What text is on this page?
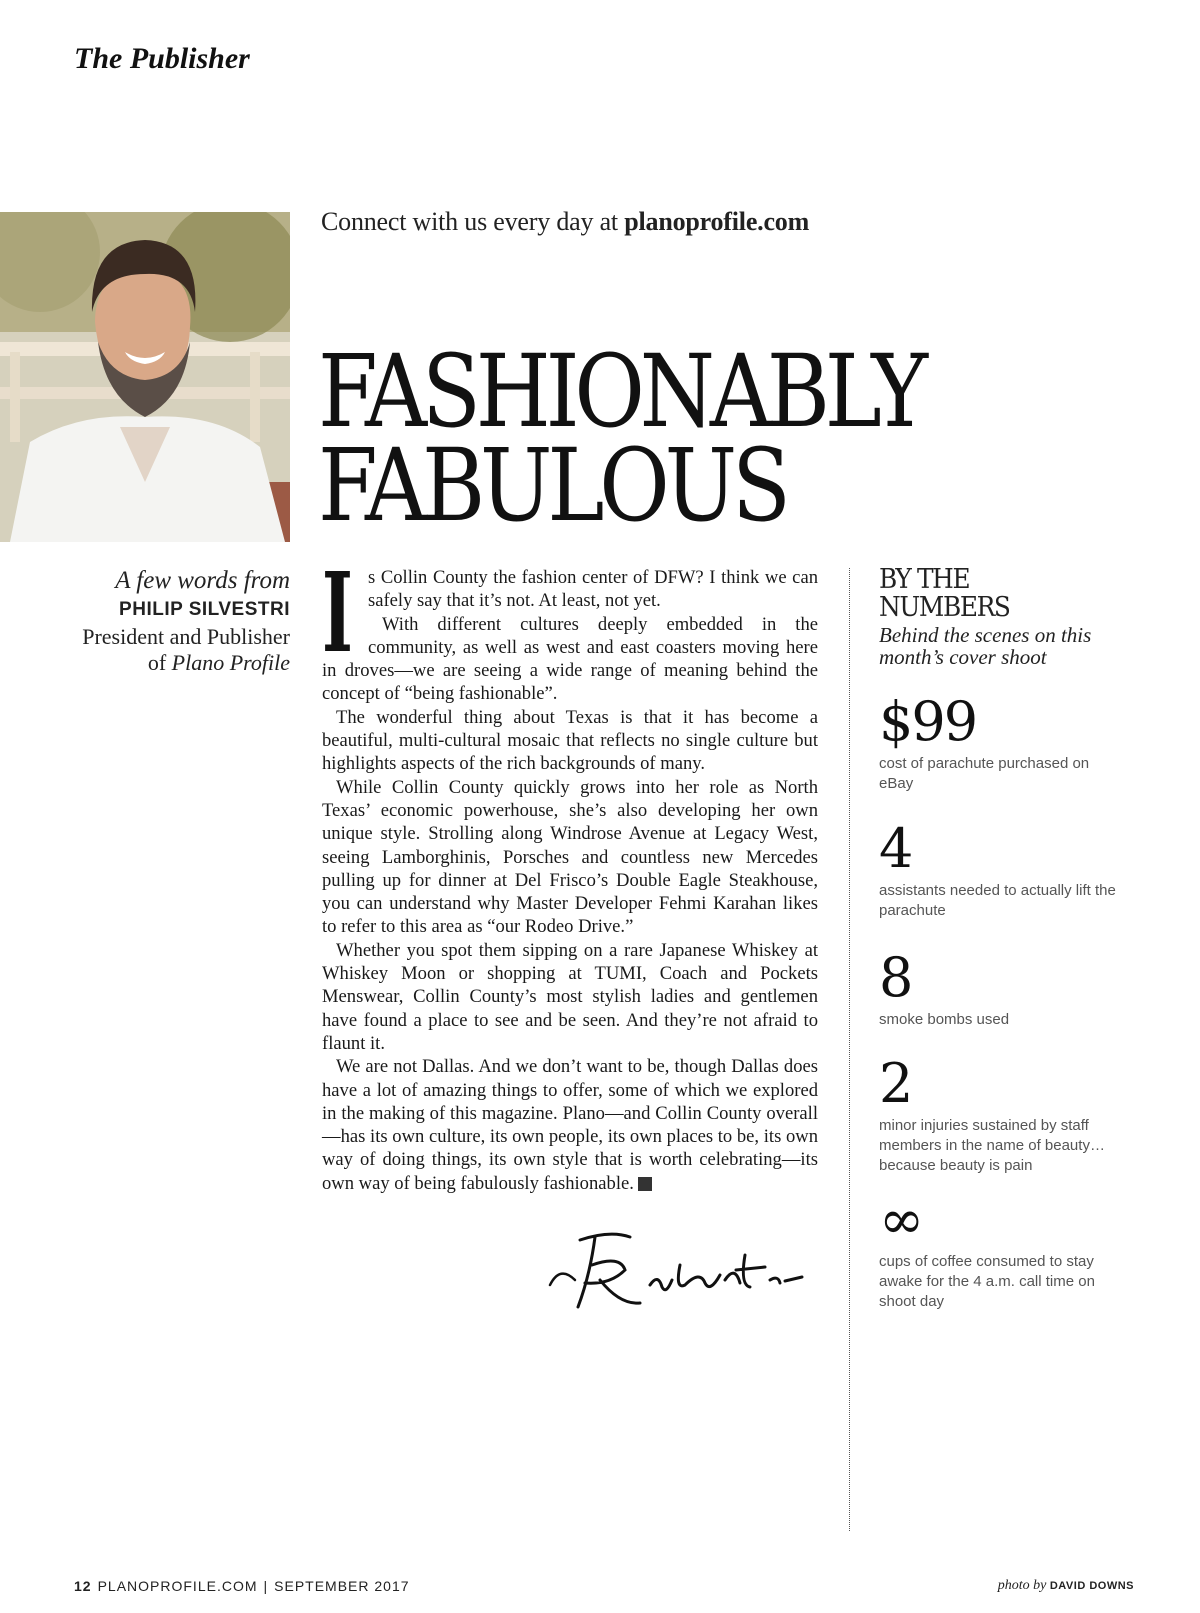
The Publisher
Connect with us every day at planoprofile.com
FASHIONABLY
FABULOUS
A few words from
PHILIP SILVESTRI
President and Publisher
of Plano Profile Is Collin County the fashion center of DFW? I think we can safely say that it’s not. At least, not yet.

With different cultures deeply embedded in the community, as well as west and east coasters moving here in droves—we are seeing a wide range of meaning behind the concept of “being fashionable”.

The wonderful thing about Texas is that it has become a beautiful, multi-cultural mosaic that reflects no single culture but highlights aspects of the rich backgrounds of many.

While Collin County quickly grows into her role as North Texas’ economic powerhouse, she’s also developing her own unique style. Strolling along Windrose Avenue at Legacy West, seeing Lamborghinis, Porsches and countless new Mercedes pulling up for dinner at Del Frisco’s Double Eagle Steakhouse, you can understand why Master Developer Fehmi Karahan likes to refer to this area as “our Rodeo Drive.”

Whether you spot them sipping on a rare Japanese Whiskey at Whiskey Moon or shopping at TUMI, Coach and Pockets Menswear, Collin County’s most stylish ladies and gentlemen have found a place to see and be seen. And they’re not afraid to flaunt it.

We are not Dallas. And we don’t want to be, though Dallas does have a lot of amazing things to offer, some of which we explored in the making of this magazine. Plano—and Collin County overall—has its own culture, its own people, its own places to be, its own way of doing things, its own style that is worth celebrating—its own way of being fabulously fashionable. p

BY THE
NUMBERS
Behind the scenes on this month’s cover shoot
$99
cost of parachute purchased on eBay
4
assistants needed to actually lift the parachute
8
smoke bombs used
2
minor injuries sustained by staff members in the name of beauty… because beauty is pain
∞
cups of coffee consumed to stay awake for the 4 a.m. call time on shoot day
12 PLANOPROFILE.COM | SEPTEMBER 2017	photo by DAVID DOWNS
